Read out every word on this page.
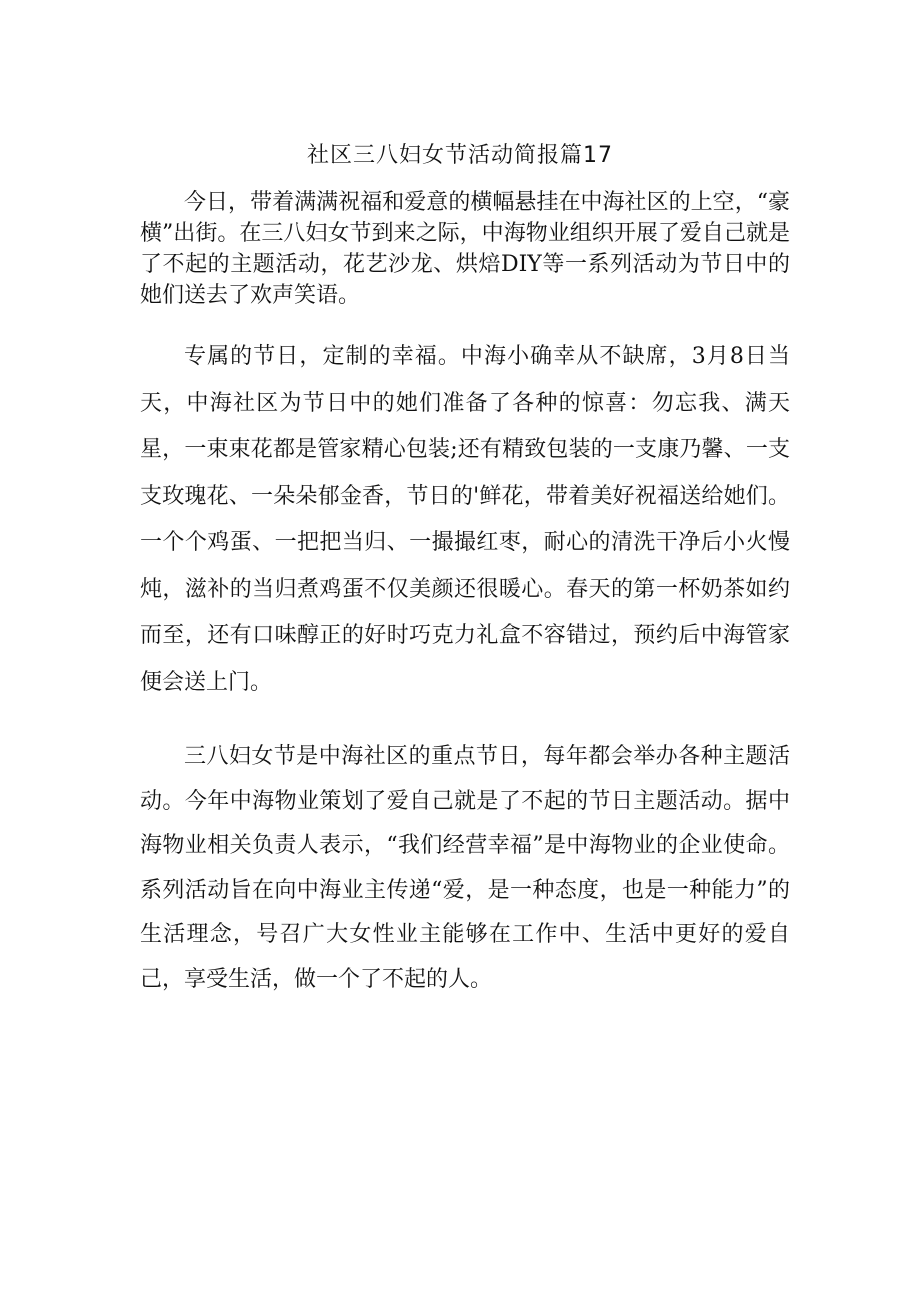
社区三八妇女节活动简报篇17

今日，带着满满祝福和爱意的横幅悬挂在中海社区的上空，“豪横”出街。在三八妇女节到来之际，中海物业组织开展了爱自己就是了不起的主题活动，花艺沙龙、烘焙DIY等一系列活动为节日中的她们送去了欢声笑语。

专属的节日，定制的幸福。中海小确幸从不缺席，3月8日当天，中海社区为节日中的她们准备了各种的惊喜：勿忘我、满天星，一束束花都是管家精心包装;还有精致包装的一支康乃馨、一支支玫瑰花、一朵朵郁金香，节日的'鲜花，带着美好祝福送给她们。一个个鸡蛋、一把把当归、一撮撮红枣，耐心的清洗干净后小火慢炖，滋补的当归煮鸡蛋不仅美颜还很暖心。春天的第一杯奶茶如约而至，还有口味醇正的好时巧克力礼盒不容错过，预约后中海管家便会送上门。

三八妇女节是中海社区的重点节日，每年都会举办各种主题活动。今年中海物业策划了爱自己就是了不起的节日主题活动。据中海物业相关负责人表示，“我们经营幸福”是中海物业的企业使命。系列活动旨在向中海业主传递“爱，是一种态度，也是一种能力”的生活理念，号召广大女性业主能够在工作中、生活中更好的爱自己，享受生活，做一个了不起的人。
